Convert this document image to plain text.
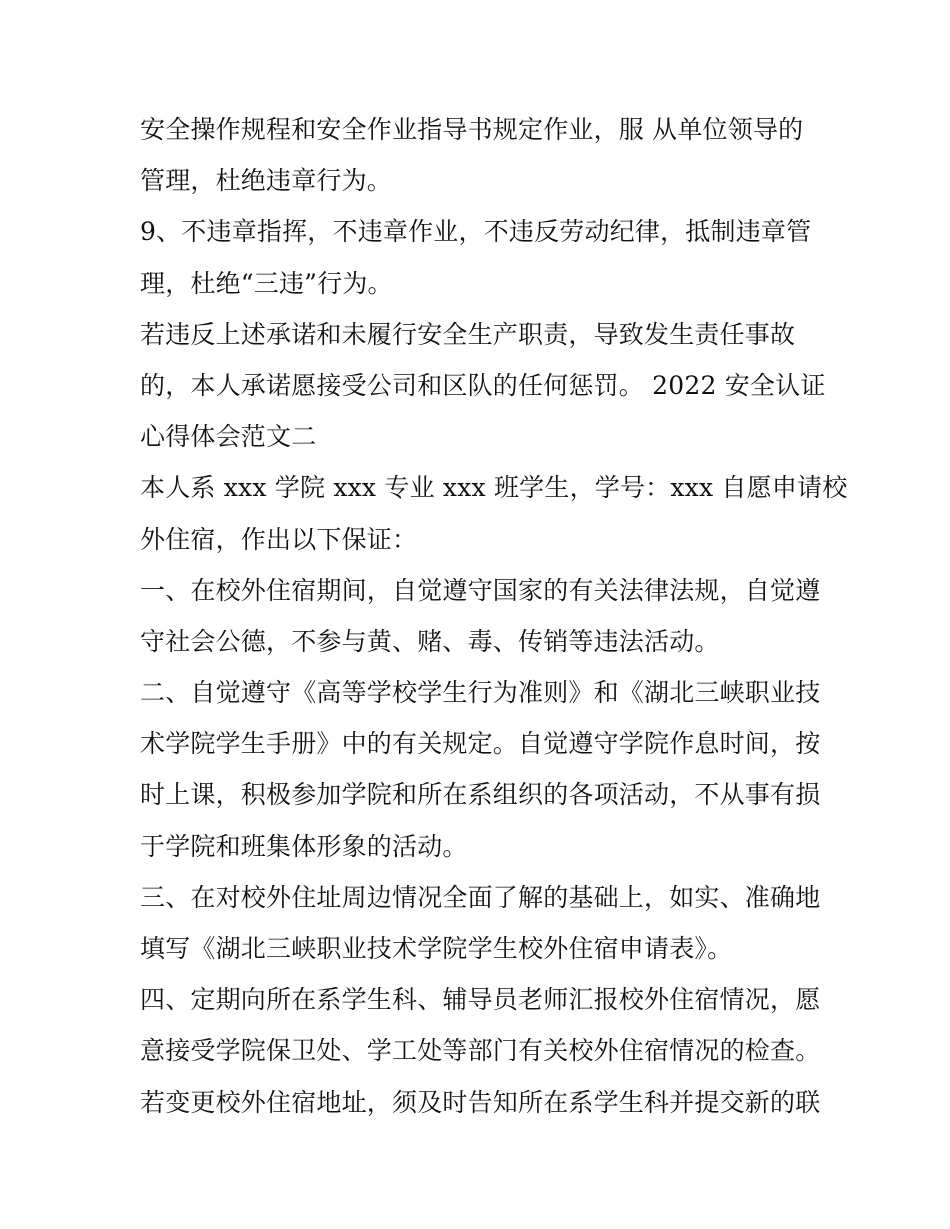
安全操作规程和安全作业指导书规定作业，服 从单位领导的
管理，杜绝违章行为。
9、不违章指挥，不违章作业，不违反劳动纪律，抵制违章管
理，杜绝“三违”行为。
若违反上述承诺和未履行安全生产职责，导致发生责任事故
的，本人承诺愿接受公司和区队的任何惩罚。 2022 安全认证
心得体会范文二
本人系 xxx 学院 xxx 专业 xxx 班学生，学号：xxx 自愿申请校
外住宿，作出以下保证：
一、在校外住宿期间，自觉遵守国家的有关法律法规，自觉遵
守社会公德，不参与黄、赌、毒、传销等违法活动。
二、自觉遵守《高等学校学生行为准则》和《湖北三峡职业技
术学院学生手册》中的有关规定。自觉遵守学院作息时间，按
时上课，积极参加学院和所在系组织的各项活动，不从事有损
于学院和班集体形象的活动。
三、在对校外住址周边情况全面了解的基础上，如实、准确地
填写《湖北三峡职业技术学院学生校外住宿申请表》。
四、定期向所在系学生科、辅导员老师汇报校外住宿情况，愿
意接受学院保卫处、学工处等部门有关校外住宿情况的检查。
若变更校外住宿地址，须及时告知所在系学生科并提交新的联
